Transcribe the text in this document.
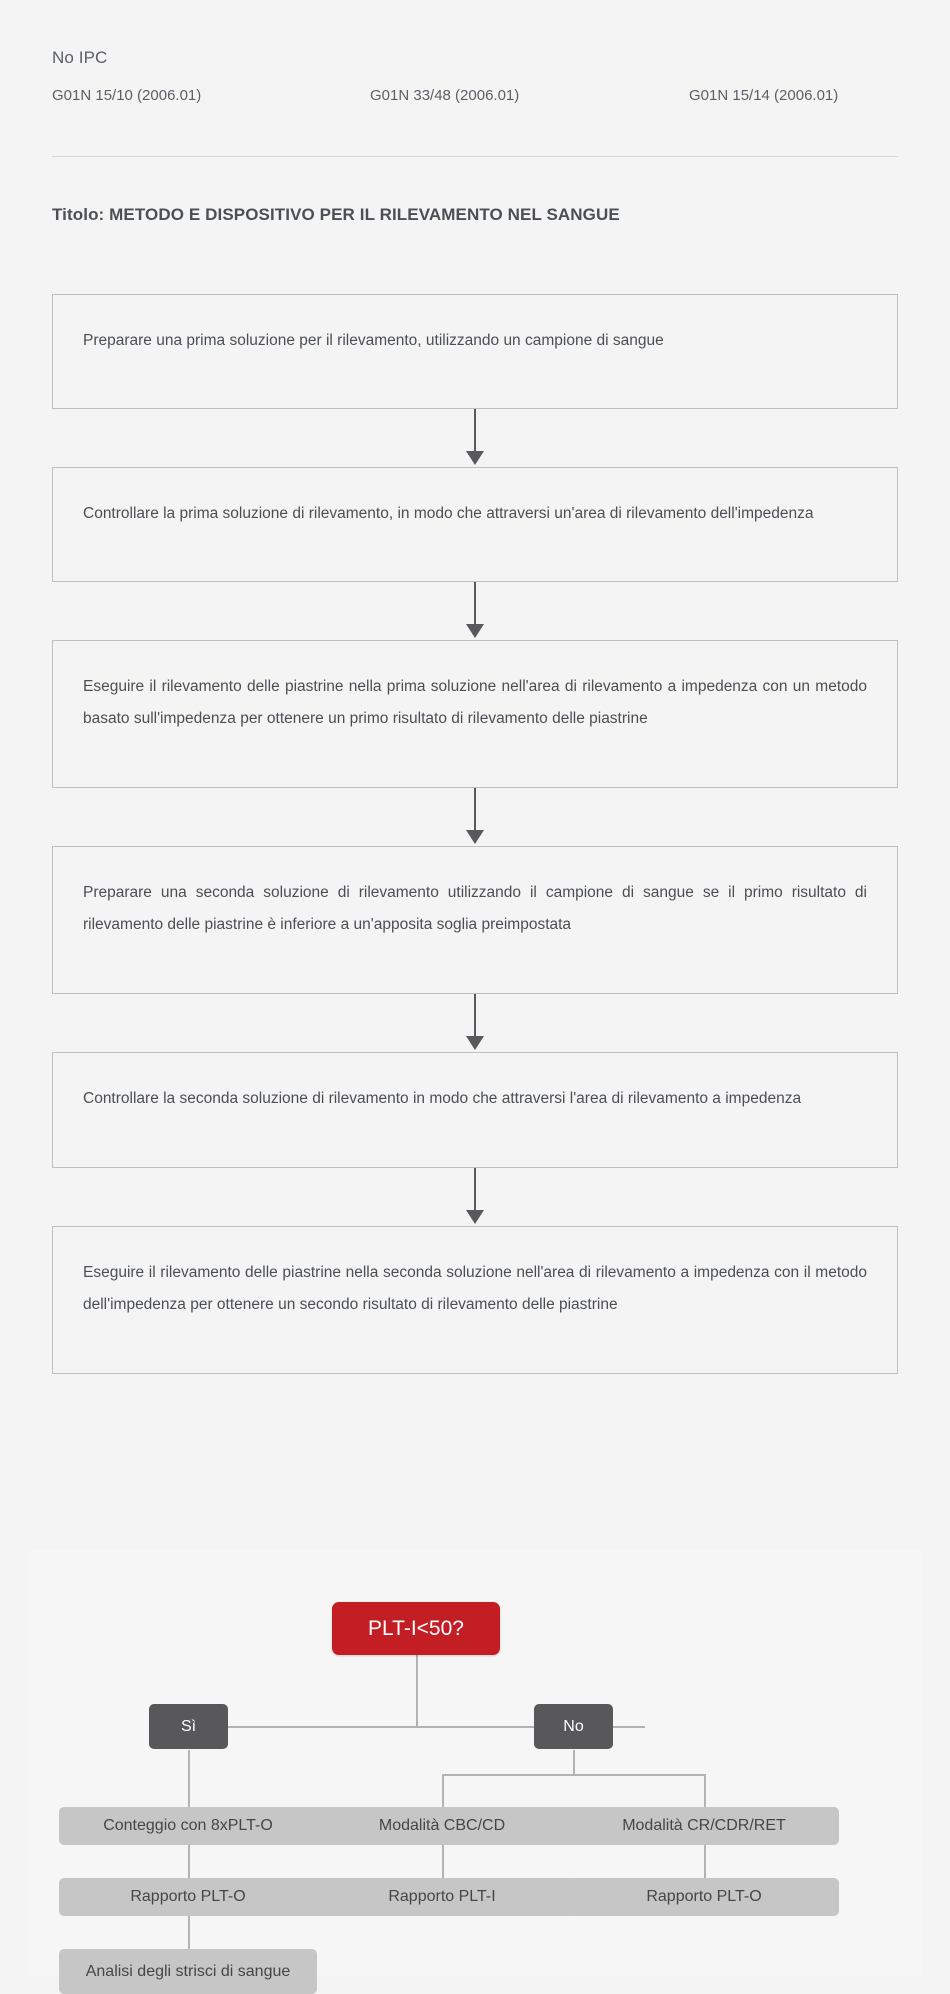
No IPC
G01N 15/10 (2006.01)	G01N 33/48 (2006.01)	G01N 15/14 (2006.01)
Titolo: METODO E DISPOSITIVO PER IL RILEVAMENTO NEL SANGUE
Preparare una prima soluzione per il rilevamento, utilizzando un campione di sangue
Controllare la prima soluzione di rilevamento, in modo che attraversi un'area di rilevamento dell'impedenza
Eseguire il rilevamento delle piastrine nella prima soluzione nell'area di rilevamento a impedenza con un metodo basato sull'impedenza per ottenere un primo risultato di rilevamento delle piastrine
Preparare una seconda soluzione di rilevamento utilizzando il campione di sangue se il primo risultato di rilevamento delle piastrine è inferiore a un'apposita soglia preimpostata
Controllare la seconda soluzione di rilevamento in modo che attraversi l'area di rilevamento a impedenza
Eseguire il rilevamento delle piastrine nella seconda soluzione nell'area di rilevamento a impedenza con il metodo dell'impedenza per ottenere un secondo risultato di rilevamento delle piastrine
PLT-I<50?
Sì	No
Conteggio con 8xPLT-O
Rapporto PLT-O
Analisi degli strisci di sangue
Modalità CBC/CD
Rapporto PLT-I
Modalità CR/CDR/RET
Rapporto PLT-O
